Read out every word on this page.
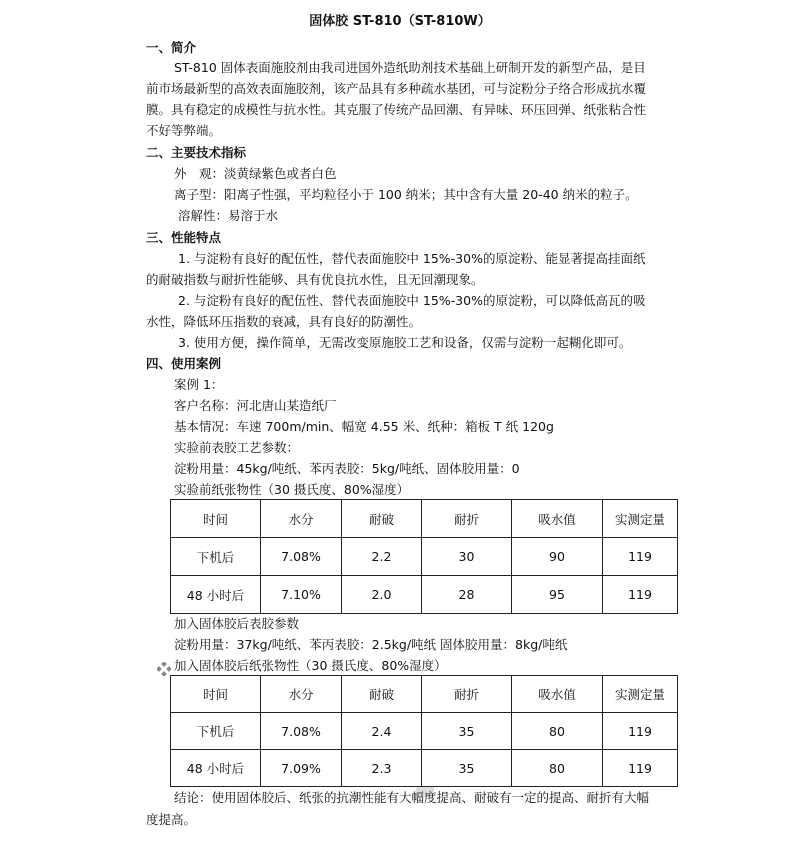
固体胶 ST-810（ST-810W）
一、简介
ST-810 固体表面施胶剂由我司进国外造纸助剂技术基础上研制开发的新型产品，是目
前市场最新型的高效表面施胶剂，该产品具有多种疏水基团，可与淀粉分子络合形成抗水覆
膜。具有稳定的成模性与抗水性。其克服了传统产品回潮、有异味、环压回弹、纸张粘合性
不好等弊端。
二、主要技术指标
外　观：淡黄绿紫色或者白色
离子型：阳离子性强，平均粒径小于 100 纳米；其中含有大量 20-40 纳米的粒子。
溶解性：易溶于水
三、性能特点
1. 与淀粉有良好的配伍性，替代表面施胶中 15%-30%的原淀粉、能显著提高挂面纸
的耐破指数与耐折性能够、具有优良抗水性，且无回潮现象。
2. 与淀粉有良好的配伍性、替代表面施胶中 15%-30%的原淀粉，可以降低高瓦的吸
水性，降低环压指数的衰减，具有良好的防潮性。
3. 使用方便，操作简单，无需改变原施胶工艺和设备，仅需与淀粉一起糊化即可。
四、使用案例
案例 1：
客户名称：河北唐山某造纸厂
基本情况：车速 700m/min、幅宽 4.55 米、纸种：箱板 T 纸 120g
实验前表胶工艺参数：
淀粉用量：45kg/吨纸、苯丙表胶：5kg/吨纸、固体胶用量：0
实验前纸张物性（30 摄氏度、80%湿度）
时间	水分	耐破	耐折	吸水值	实测定量
下机后	7.08%	2.2	30	90	119
48 小时后	7.10%	2.0	28	95	119
加入固体胶后表胶参数
淀粉用量：37kg/吨纸、苯丙表胶：2.5kg/吨纸 固体胶用量：8kg/吨纸
加入固体胶后纸张物性（30 摄氏度、80%湿度）
时间	水分	耐破	耐折	吸水值	实测定量
下机后	7.08%	2.4	35	80	119
48 小时后	7.09%	2.3	35	80	119
结论：使用固体胶后、纸张的抗潮性能有大幅度提高、耐破有一定的提高、耐折有大幅
度提高。
